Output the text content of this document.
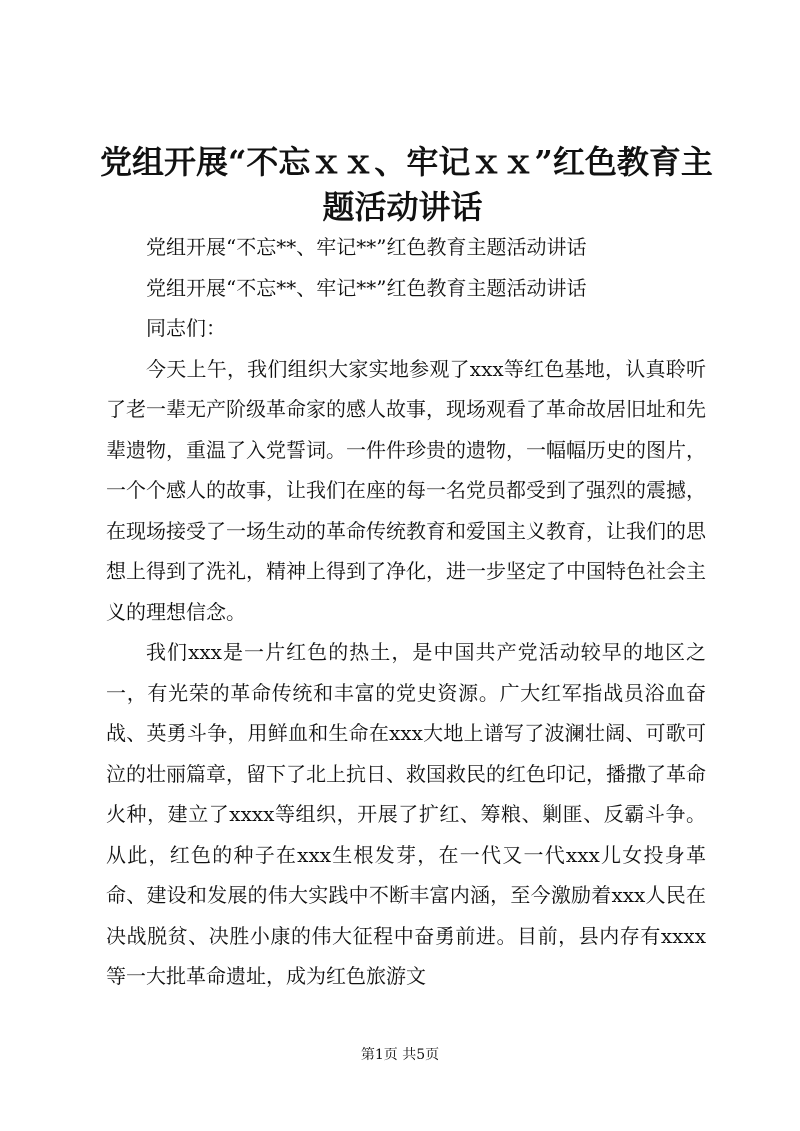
党组开展“不忘ｘｘ、牢记ｘｘ”红色教育主
题活动讲话

党组开展“不忘**、牢记**”红色教育主题活动讲话

党组开展“不忘**、牢记**”红色教育主题活动讲话

同志们：

今天上午，我们组织大家实地参观了xxx等红色基地，认真聆听了老一辈无产阶级革命家的感人故事，现场观看了革命故居旧址和先辈遗物，重温了入党誓词。一件件珍贵的遗物，一幅幅历史的图片，一个个感人的故事，让我们在座的每一名党员都受到了强烈的震撼，在现场接受了一场生动的革命传统教育和爱国主义教育，让我们的思想上得到了洗礼，精神上得到了净化，进一步坚定了中国特色社会主义的理想信念。

我们xxx是一片红色的热土，是中国共产党活动较早的地区之一，有光荣的革命传统和丰富的党史资源。广大红军指战员浴血奋战、英勇斗争，用鲜血和生命在xxx大地上谱写了波澜壮阔、可歌可泣的壮丽篇章，留下了北上抗日、救国救民的红色印记，播撒了革命火种，建立了xxxx等组织，开展了扩红、筹粮、剿匪、反霸斗争。从此，红色的种子在xxx生根发芽，在一代又一代xxx儿女投身革命、建设和发展的伟大实践中不断丰富内涵，至今激励着xxx人民在决战脱贫、决胜小康的伟大征程中奋勇前进。目前，县内存有xxxx等一大批革命遗址，成为红色旅游文

第1页 共5页
